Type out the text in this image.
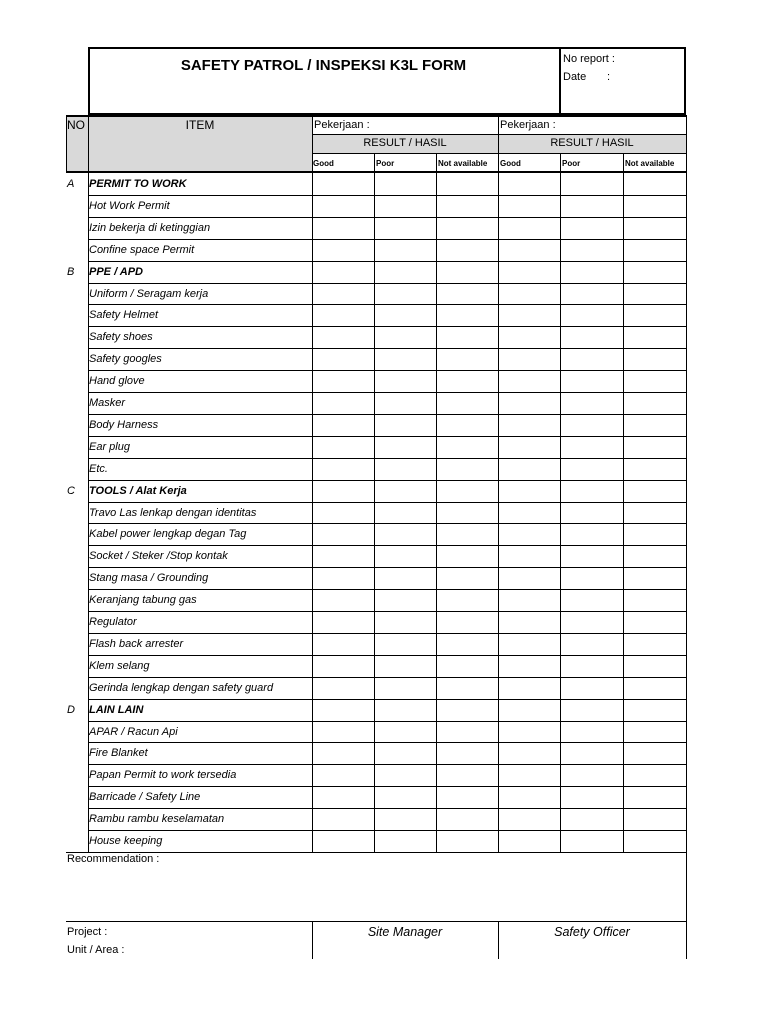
SAFETY PATROL / INSPEKSI K3L FORM	No report :
Date :
NO	ITEM	Pekerjaan :	Pekerjaan :
RESULT / HASIL	RESULT / HASIL
Good	Poor	Not available Good	Poor	Not available
A PERMIT TO WORK
Hot Work Permit
Izin bekerja di ketinggian
Confine space Permit
B PPE / APD
Uniform / Seragam kerja
Safety Helmet
Safety shoes
Safety googles
Hand glove
Masker
Body Harness
Ear plug
Etc.
C TOOLS / Alat Kerja
Travo Las lenkap dengan identitas
Kabel power lengkap degan Tag
Socket / Steker /Stop kontak
Stang masa / Grounding
Keranjang tabung gas
Regulator
Flash back arrester
Klem selang
Gerinda lengkap dengan safety guard
D LAIN LAIN
APAR / Racun Api
Fire Blanket
Papan Permit to work tersedia
Barricade / Safety Line
Rambu rambu keselamatan
House keeping
Recommendation :
Project :
Unit / Area :
Site Manager	Safety Officer
